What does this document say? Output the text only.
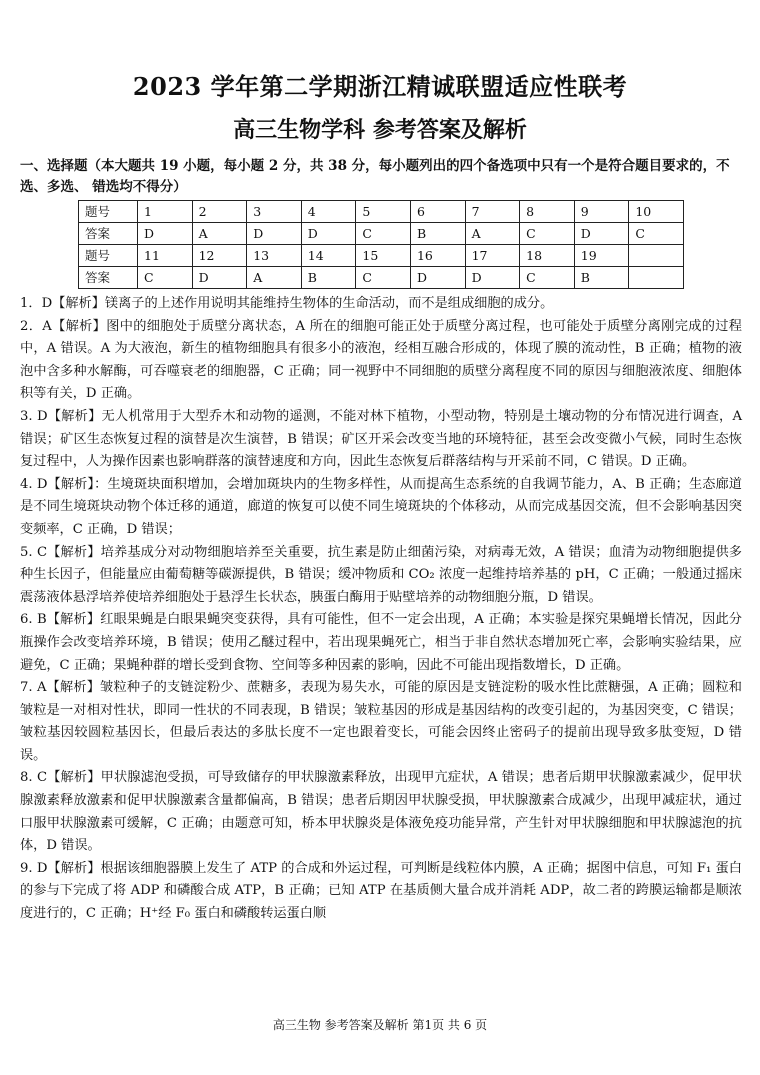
2023 学年第二学期浙江精诚联盟适应性联考
高三生物学科 参考答案及解析
一、选择题（本大题共 19 小题，每小题 2 分，共 38 分，每小题列出的四个备选项中只有一个是符合题目要求的，不选、多选、 错选均不得分）
题号	1	2	3	4	5	6	7	8	9	10
答案	D	A	D	D	C	B	A	C	D	C
题号	11	12	13	14	15	16	17	18	19	
答案	C	D	A	B	C	D	D	C	B	

1．D【解析】镁离子的上述作用说明其能维持生物体的生命活动，而不是组成细胞的成分。

2．A【解析】图中的细胞处于质壁分离状态，A 所在的细胞可能正处于质壁分离过程，也可能处于质壁分离刚完成的过程中，A 错误。A 为大液泡，新生的植物细胞具有很多小的液泡，经相互融合形成的，体现了膜的流动性，B 正确；植物的液泡中含多种水解酶，可吞噬衰老的细胞器，C 正确；同一视野中不同细胞的质壁分离程度不同的原因与细胞液浓度、细胞体积等有关，D 正确。

3. D【解析】无人机常用于大型乔木和动物的遥测，不能对林下植物，小型动物，特别是土壤动物的分布情况进行调查，A 错误；矿区生态恢复过程的演替是次生演替，B 错误；矿区开采会改变当地的环境特征，甚至会改变微小气候，同时生态恢复过程中，人为操作因素也影响群落的演替速度和方向，因此生态恢复后群落结构与开采前不同，C 错误。D 正确。

4. D【解析】：生境斑块面积增加，会增加斑块内的生物多样性，从而提高生态系统的自我调节能力，A、B 正确；生态廊道是不同生境斑块动物个体迁移的通道，廊道的恢复可以使不同生境斑块的个体移动，从而完成基因交流，但不会影响基因突变频率，C 正确，D 错误；

5. C【解析】培养基成分对动物细胞培养至关重要，抗生素是防止细菌污染，对病毒无效，A 错误；血清为动物细胞提供多种生长因子，但能量应由葡萄糖等碳源提供，B 错误；缓冲物质和 CO₂ 浓度一起维持培养基的 pH，C 正确；一般通过摇床震荡液体悬浮培养使培养细胞处于悬浮生长状态，胰蛋白酶用于贴壁培养的动物细胞分瓶，D 错误。

6. B【解析】红眼果蝇是白眼果蝇突变获得，具有可能性，但不一定会出现，A 正确；本实验是探究果蝇增长情况，因此分瓶操作会改变培养环境，B 错误；使用乙醚过程中，若出现果蝇死亡，相当于非自然状态增加死亡率，会影响实验结果，应避免，C 正确；果蝇种群的增长受到食物、空间等多种因素的影响，因此不可能出现指数增长，D 正确。

7. A【解析】皱粒种子的支链淀粉少、蔗糖多，表现为易失水，可能的原因是支链淀粉的吸水性比蔗糖强，A 正确；圆粒和皱粒是一对相对性状，即同一性状的不同表现，B 错误；皱粒基因的形成是基因结构的改变引起的，为基因突变，C 错误；皱粒基因较圆粒基因长，但最后表达的多肽长度不一定也跟着变长，可能会因终止密码子的提前出现导致多肽变短，D 错误。

8. C【解析】甲状腺滤泡受损，可导致储存的甲状腺激素释放，出现甲亢症状，A 错误；患者后期甲状腺激素减少，促甲状腺激素释放激素和促甲状腺激素含量都偏高，B 错误；患者后期因甲状腺受损，甲状腺激素合成减少，出现甲减症状，通过口服甲状腺激素可缓解，C 正确；由题意可知，桥本甲状腺炎是体液免疫功能异常，产生针对甲状腺细胞和甲状腺滤泡的抗体，D 错误。

9. D【解析】根据该细胞器膜上发生了 ATP 的合成和外运过程，可判断是线粒体内膜，A 正确；据图中信息，可知 F₁ 蛋白的参与下完成了将 ADP 和磷酸合成 ATP，B 正确；已知 ATP 在基质侧大量合成并消耗 ADP，故二者的跨膜运输都是顺浓度进行的，C 正确；H⁺经 F₀ 蛋白和磷酸转运蛋白顺

高三生物 参考答案及解析 第1页 共 6 页
